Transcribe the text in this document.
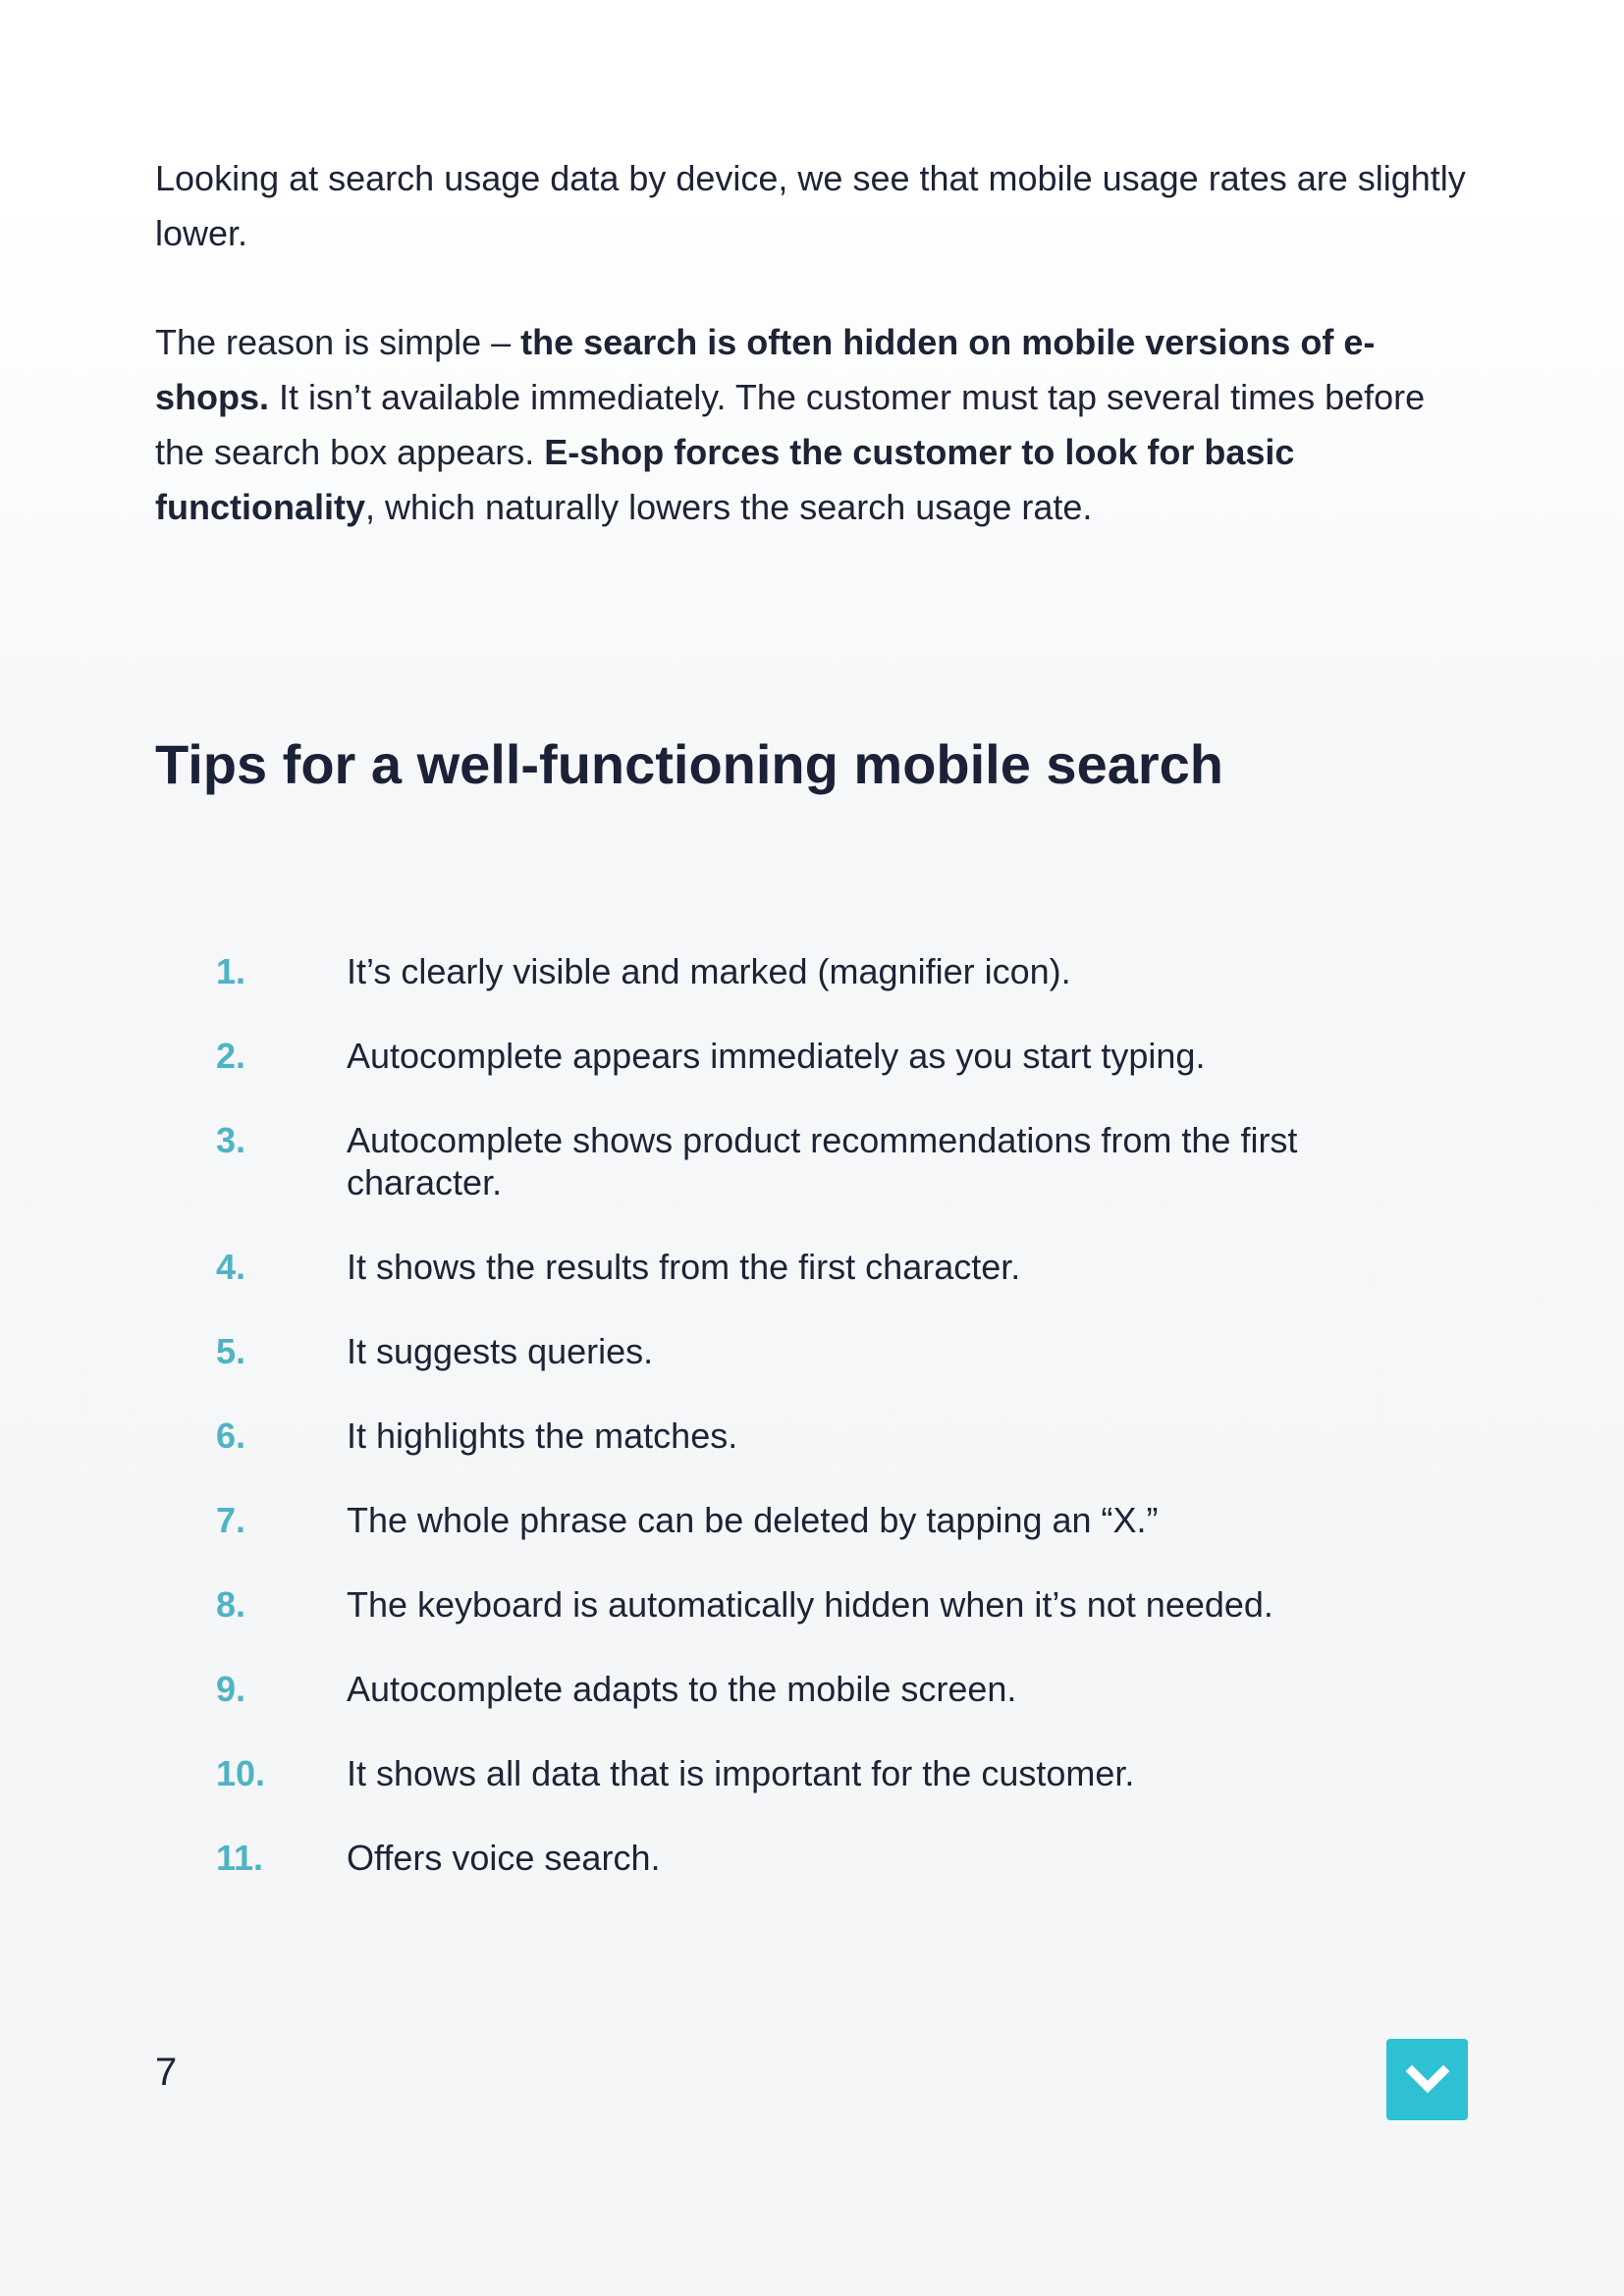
Looking at search usage data by device, we see that mobile usage rates are slightly lower.

The reason is simple – the search is often hidden on mobile versions of e-shops. It isn’t available immediately. The customer must tap several times before the search box appears. E-shop forces the customer to look for basic functionality, which naturally lowers the search usage rate.

Tips for a well-functioning mobile search
1.	It’s clearly visible and marked (magnifier icon).
2.	Autocomplete appears immediately as you start typing.
3.	Autocomplete shows product recommendations from the first character.
4.	It shows the results from the first character.
5.	It suggests queries.
6.	It highlights the matches.
7.	The whole phrase can be deleted by tapping an “X.”
8.	The keyboard is automatically hidden when it’s not needed.
9.	Autocomplete adapts to the mobile screen.
10. It shows all data that is important for the customer.
11. Offers voice search.
7
